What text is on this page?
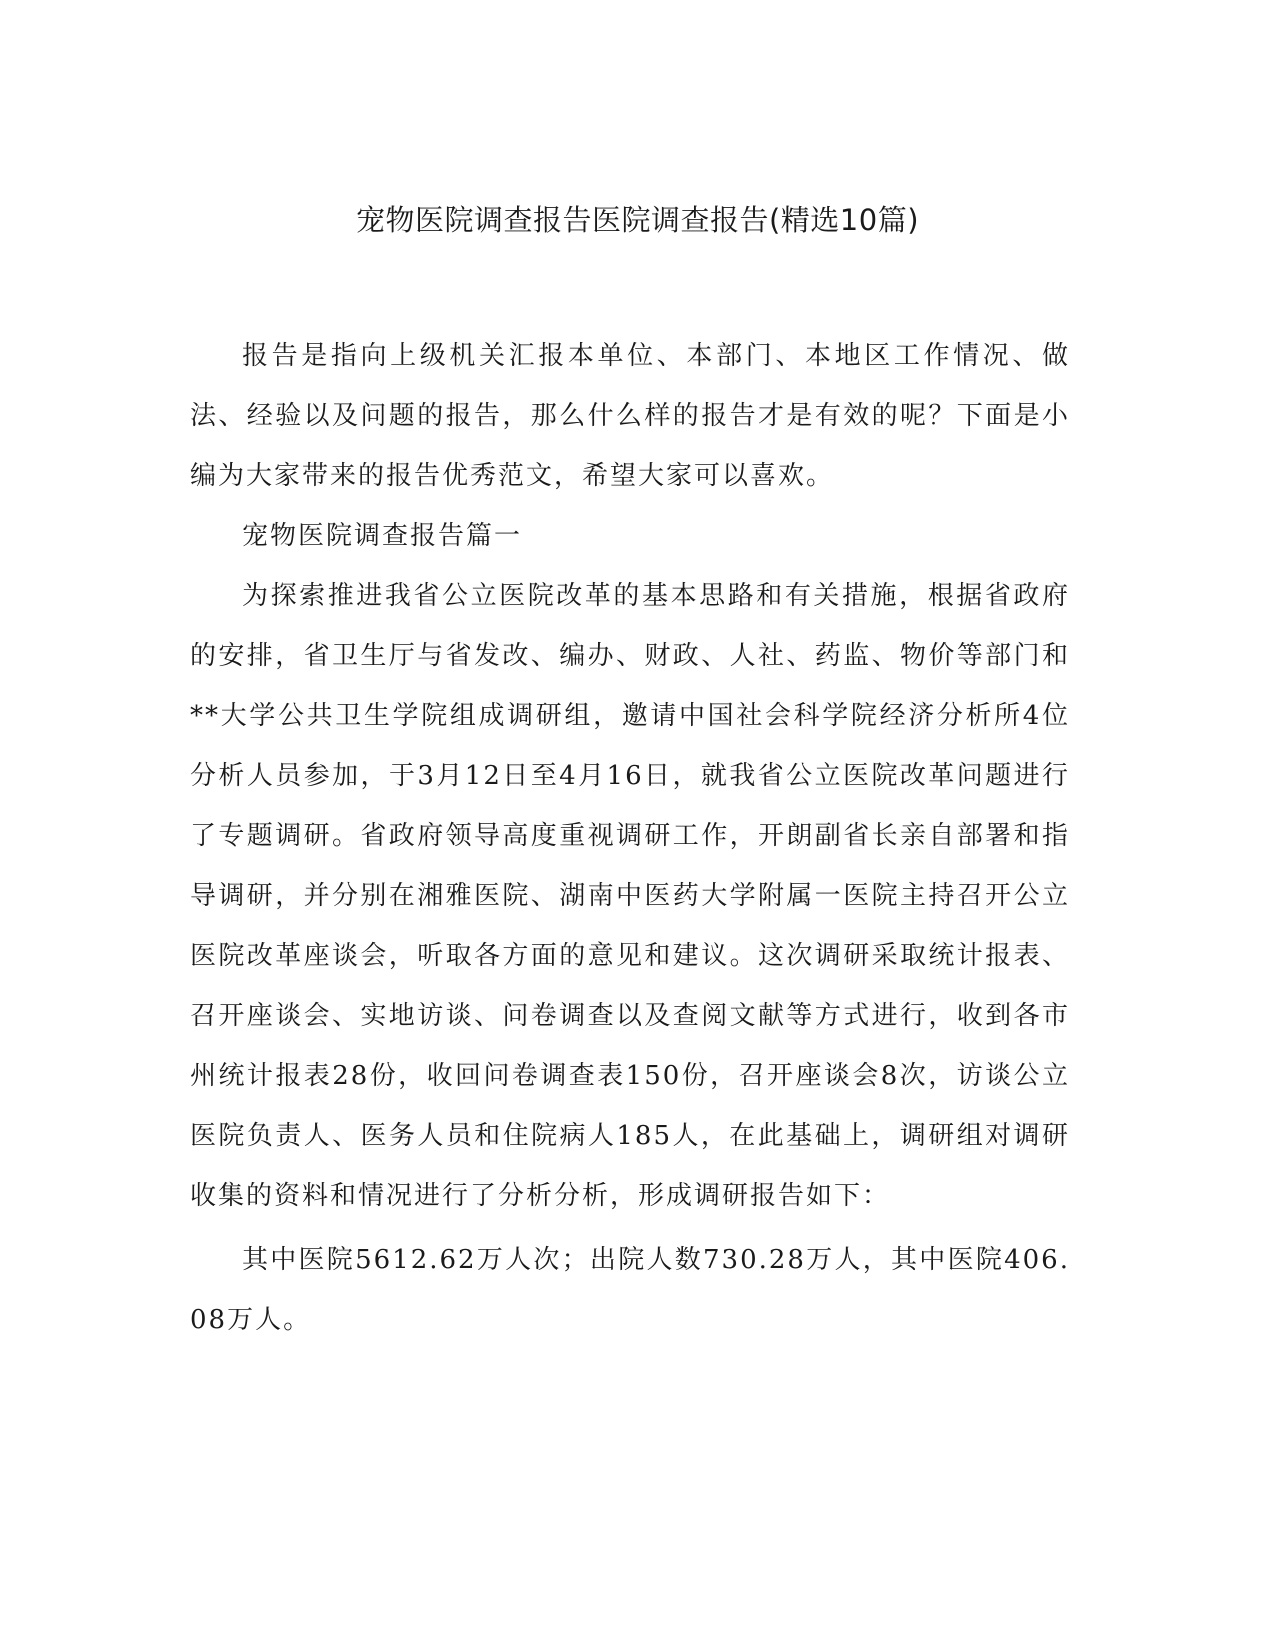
宠物医院调查报告医院调查报告(精选10篇)

报告是指向上级机关汇报本单位、本部门、本地区工作情况、做法、经验以及问题的报告，那么什么样的报告才是有效的呢？下面是小编为大家带来的报告优秀范文，希望大家可以喜欢。

宠物医院调查报告篇一

为探索推进我省公立医院改革的基本思路和有关措施，根据省政府的安排，省卫生厅与省发改、编办、财政、人社、药监、物价等部门和**大学公共卫生学院组成调研组，邀请中国社会科学院经济分析所4位分析人员参加，于3月12日至4月16日，就我省公立医院改革问题进行了专题调研。省政府领导高度重视调研工作，开朗副省长亲自部署和指导调研，并分别在湘雅医院、湖南中医药大学附属一医院主持召开公立医院改革座谈会，听取各方面的意见和建议。这次调研采取统计报表、召开座谈会、实地访谈、问卷调查以及查阅文献等方式进行，收到各市州统计报表28份，收回问卷调查表150份，召开座谈会8次，访谈公立医院负责人、医务人员和住院病人185人，在此基础上，调研组对调研收集的资料和情况进行了分析分析，形成调研报告如下：

其中医院5612.62万人次；出院人数730.28万人，其中医院406.08万人。
